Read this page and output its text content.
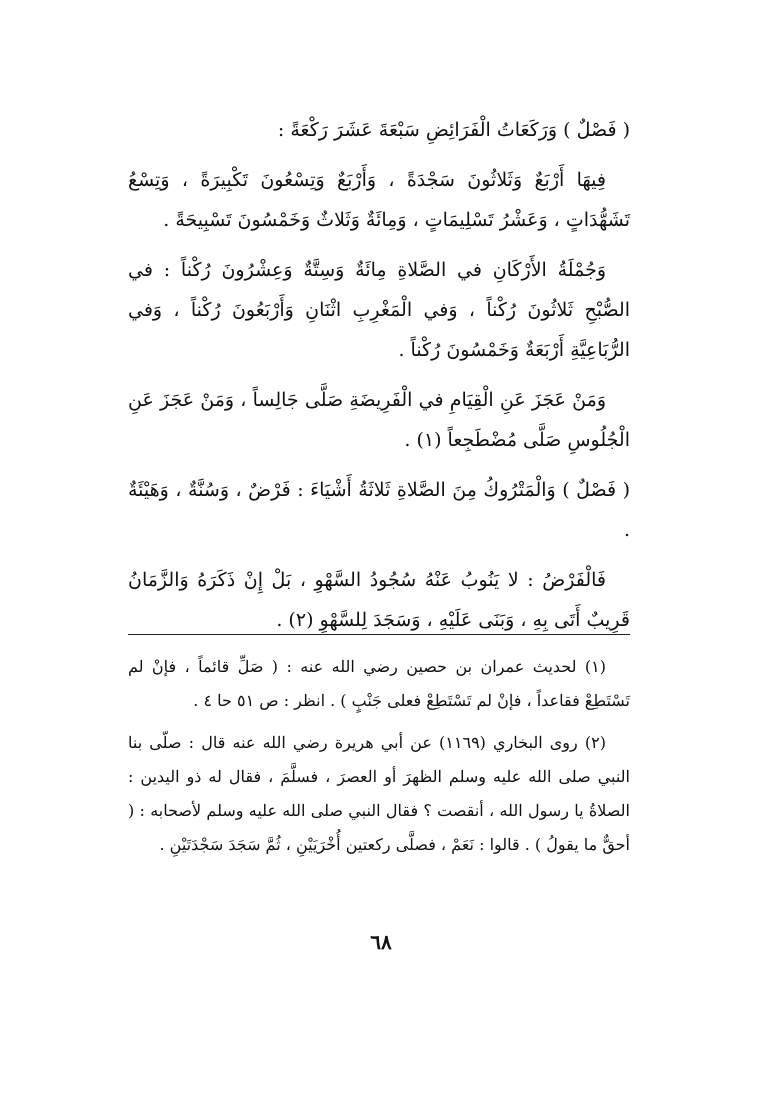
( فَصْلٌ ) وَرَكَعَاتُ الْفَرَائِضِ سَبْعَةَ عَشَرَ رَكْعَةً :

فِيهَا أَرْبَعٌ وَثَلاثُونَ سَجْدَةً ، وَأَرْبَعٌ وَتِسْعُونَ تَكْبِيرَةً ، وَتِسْعُ تَشَهُّدَاتٍ ، وَعَشْرُ تَسْلِيمَاتٍ ، وَمِائَةٌ وَثَلاثٌ وَخَمْسُونَ تَسْبِيحَةً .

وَجُمْلَةُ الأَرْكَانِ في الصَّلاةِ مِائَةٌ وَسِتَّةٌ وَعِشْرُونَ رُكْناً : في الصُّبْحِ ثَلاثُونَ رُكْناً ، وَفي الْمَغْرِبِ اثْنَانِ وَأَرْبَعُونَ رُكْناً ، وَفي الرُّبَاعِيَّةِ أَرْبَعَةٌ وَخَمْسُونَ رُكْناً .

وَمَنْ عَجَزَ عَنِ الْقِيَامِ في الْفَرِيضَةِ صَلَّى جَالِساً ، وَمَنْ عَجَزَ عَنِ الْجُلُوسِ صَلَّى مُضْطَجِعاً (١) .

( فَصْلٌ ) وَالْمَتْرُوكُ مِنَ الصَّلاةِ ثَلاثَةُ أَشْيَاءَ : فَرْضٌ ، وَسُنَّةٌ ، وَهَيْئَةٌ .

فَالْفَرْضُ : لا يَنُوبُ عَنْهُ سُجُودُ السَّهْوِ ، بَلْ إِنْ ذَكَرَهُ وَالزَّمَانُ قَرِيبٌ أَتَى بِهِ ، وَبَنَى عَلَيْهِ ، وَسَجَدَ لِلسَّهْوِ (٢) .

(١) لحديث عمران بن حصين رضي الله عنه : ( صَلِّ قائماً ، فإنْ لم تَسْتَطِعْ فقاعداً ، فإنْ لم تَسْتَطِعْ فعلى جَنْبٍ ) . انظر : ص ٥١ حا ٤ .

(٢) روى البخاري (١١٦٩) عن أبي هريرة رضي الله عنه قال : صلّى بنا النبي صلى الله عليه وسلم الظهرَ أو العصرَ ، فسلَّمَ ، فقال له ذو اليدين : الصلاةُ يا رسول الله ، أنقصت ؟ فقال النبي صلى الله عليه وسلم لأصحابه : ( أحقٌّ ما يقولُ ) . قالوا : نَعَمْ ، فصلَّى ركعتين أُخْرَيَيْنِ ، ثُمَّ سَجَدَ سَجْدَتَيْنِ .

٦٨
